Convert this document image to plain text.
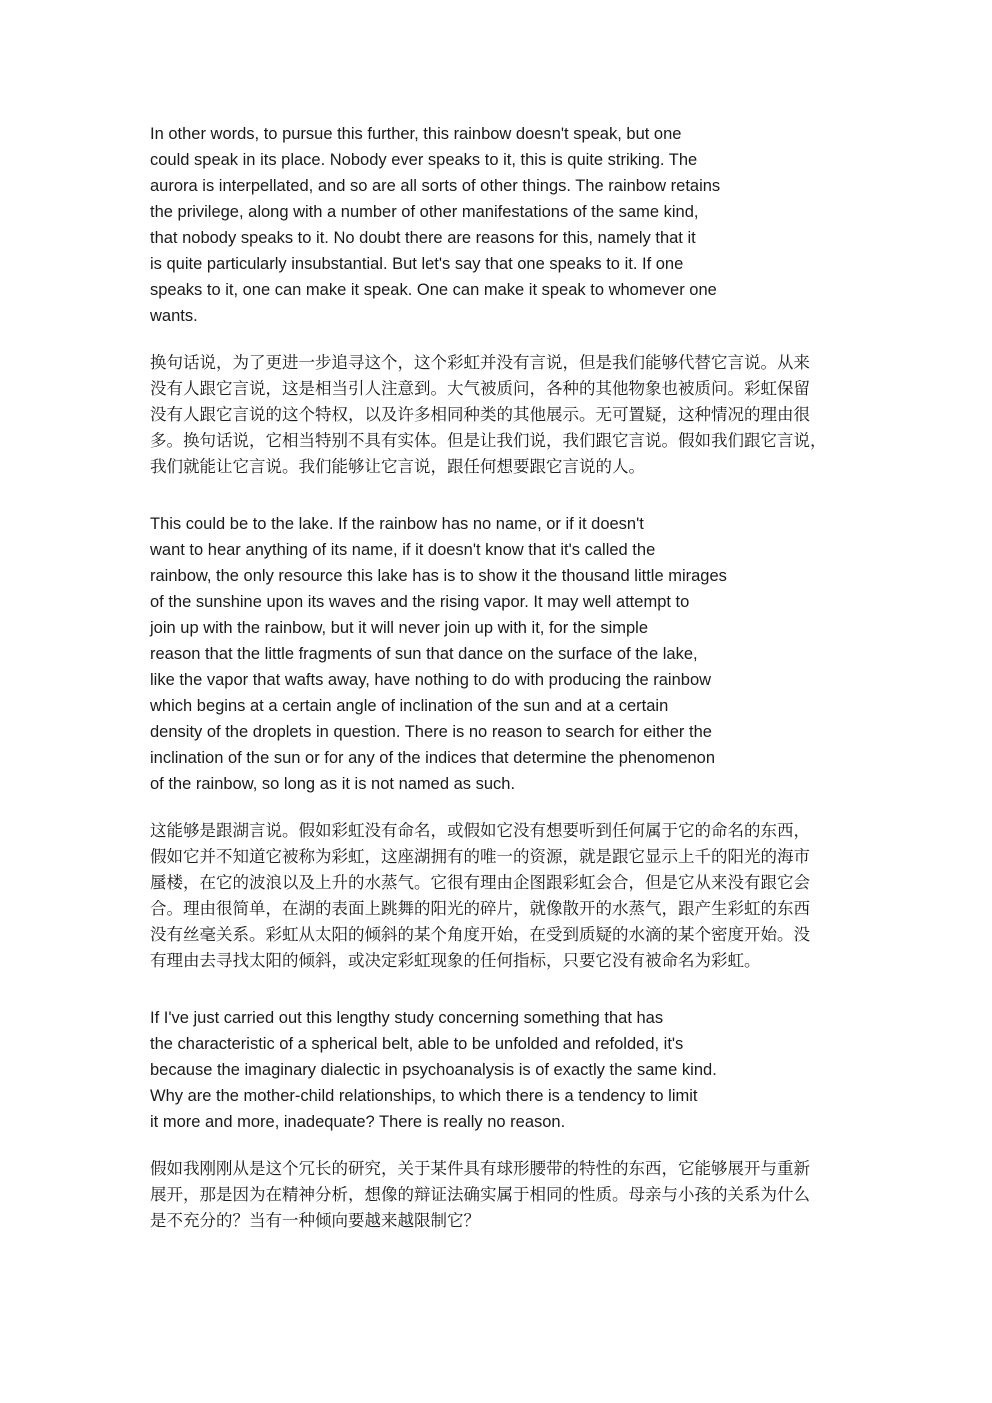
In other words, to pursue this further, this rainbow doesn't speak, but one
could speak in its place. Nobody ever speaks to it, this is quite striking. The
aurora is interpellated, and so are all sorts of other things. The rainbow retains
the privilege, along with a number of other manifestations of the same kind,
that nobody speaks to it. No doubt there are reasons for this, namely that it
is quite particularly insubstantial. But let's say that one speaks to it. If one
speaks to it, one can make it speak. One can make it speak to whomever one
wants.
换句话说，为了更进一步追寻这个，这个彩虹并没有言说，但是我们能够代替它言说。从来
没有人跟它言说，这是相当引人注意到。大气被质问，各种的其他物象也被质问。彩虹保留
没有人跟它言说的这个特权，以及许多相同种类的其他展示。无可置疑，这种情况的理由很
多。换句话说，它相当特别不具有实体。但是让我们说，我们跟它言说。假如我们跟它言说，
我们就能让它言说。我们能够让它言说，跟任何想要跟它言说的人。
This could be to the lake. If the rainbow has no name, or if it doesn't
want to hear anything of its name, if it doesn't know that it's called the
rainbow, the only resource this lake has is to show it the thousand little mirages
of the sunshine upon its waves and the rising vapor. It may well attempt to
join up with the rainbow, but it will never join up with it, for the simple
reason that the little fragments of sun that dance on the surface of the lake,
like the vapor that wafts away, have nothing to do with producing the rainbow
which begins at a certain angle of inclination of the sun and at a certain
density of the droplets in question. There is no reason to search for either the
inclination of the sun or for any of the indices that determine the phenomenon
of the rainbow, so long as it is not named as such.
这能够是跟湖言说。假如彩虹没有命名，或假如它没有想要听到任何属于它的命名的东西，
假如它并不知道它被称为彩虹，这座湖拥有的唯一的资源，就是跟它显示上千的阳光的海市
蜃楼，在它的波浪以及上升的水蒸气。它很有理由企图跟彩虹会合，但是它从来没有跟它会
合。理由很简单，在湖的表面上跳舞的阳光的碎片，就像散开的水蒸气，跟产生彩虹的东西
没有丝毫关系。彩虹从太阳的倾斜的某个角度开始，在受到质疑的水滴的某个密度开始。没
有理由去寻找太阳的倾斜，或决定彩虹现象的任何指标，只要它没有被命名为彩虹。
If I've just carried out this lengthy study concerning something that has
the characteristic of a spherical belt, able to be unfolded and refolded, it's
because the imaginary dialectic in psychoanalysis is of exactly the same kind.
Why are the mother-child relationships, to which there is a tendency to limit
it more and more, inadequate? There is really no reason.
假如我刚刚从是这个冗长的研究，关于某件具有球形腰带的特性的东西，它能够展开与重新
展开，那是因为在精神分析，想像的辩证法确实属于相同的性质。母亲与小孩的关系为什么
是不充分的？当有一种倾向要越来越限制它？
